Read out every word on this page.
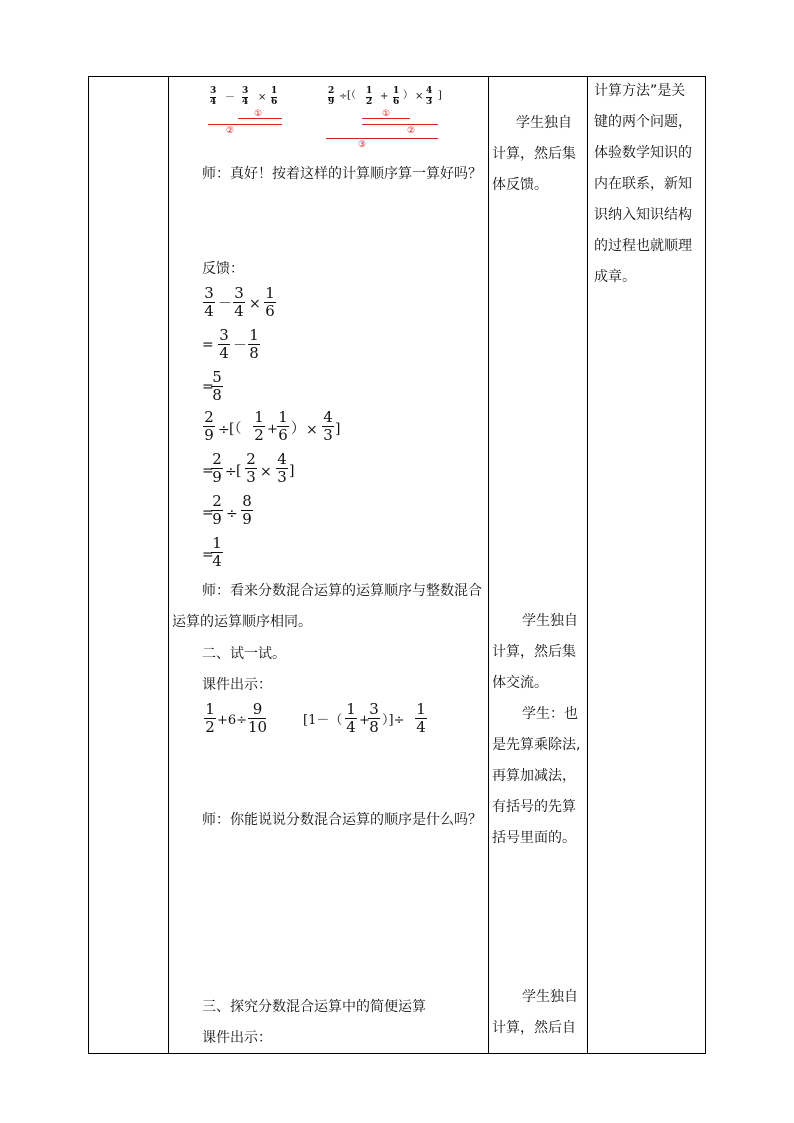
3
4 －
3
4 ×
1
6
①
②
2
9 ÷ [（ 1
2 + 1
6
） × 4
3
]
①
②
③
师：真好！按着这样的计算顺序算一算好吗？
反馈：
3
4 －
3
4 ×
1
6
=
3
4 －
1
8
=
5
8
2
9 ÷ [（
1
2 +
1
6 ） ×
4
3 ]
=
2
9 ÷ [
2
3 ×
4
3 ]
=
2
9 ÷
8
9
=
1
4
师：看来分数混合运算的运算顺序与整数混合
运算的运算顺序相同。
二、试一试。
课件出示：
1
2 +6÷
9
10	[1－（
1
4 +
3
8 ）]÷
1
4
师：你能说说分数混合运算的顺序是什么吗？
三、探究分数混合运算中的简便运算
课件出示：
学生独自
计算，然后集
体反馈。
学生独自
计算，然后集
体交流。
学生：也
是先算乘除法,
再算加减法，
有括号的先算
括号里面的。
学生独自
计算，然后自
计算方法”是关
键的两个问题，
体验数学知识的
内在联系，新知
识纳入知识结构
的过程也就顺理
成章。
